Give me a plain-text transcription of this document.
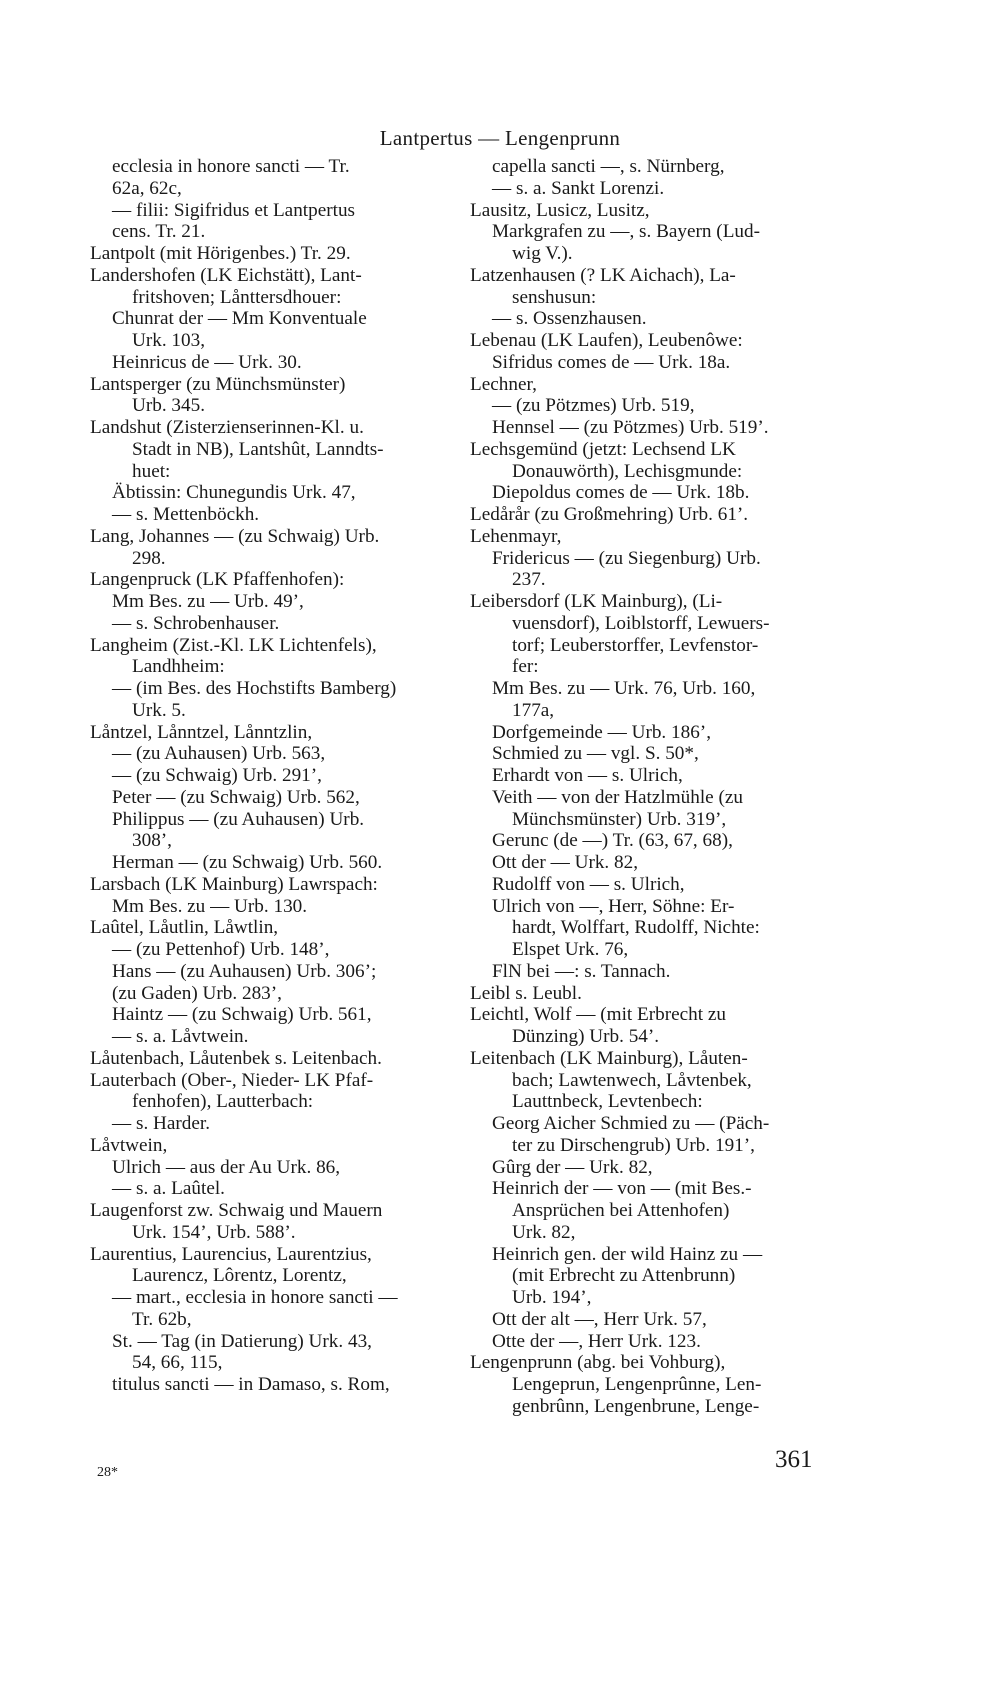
Lantpertus — Lengenprunn
ecclesia in honore sancti — Tr.
62a, 62c,
— filii: Sigifridus et Lantpertus
cens. Tr. 21.
Lantpolt (mit Hörigenbes.) Tr. 29.
Landershofen (LK Eichstätt), Lant-
fritshoven; Lånttersdhouer:
Chunrat der — Mm Konventuale
Urk. 103,
Heinricus de — Urk. 30.
Lantsperger (zu Münchsmünster)
Urb. 345.
Landshut (Zisterzienserinnen-Kl. u.
Stadt in NB), Lantshût, Lanndts-
huet:
Äbtissin: Chunegundis Urk. 47,
— s. Mettenböckh.
Lang, Johannes — (zu Schwaig) Urb.
298.
Langenpruck (LK Pfaffenhofen):
Mm Bes. zu — Urb. 49’,
— s. Schrobenhauser.
Langheim (Zist.-Kl. LK Lichtenfels),
Landhheim:
— (im Bes. des Hochstifts Bamberg)
Urk. 5.
Låntzel, Lånntzel, Lånntzlin,
— (zu Auhausen) Urb. 563,
— (zu Schwaig) Urb. 291’,
Peter — (zu Schwaig) Urb. 562,
Philippus — (zu Auhausen) Urb.
308’,
Herman — (zu Schwaig) Urb. 560.
Larsbach (LK Mainburg) Lawrspach:
Mm Bes. zu — Urb. 130.
Laûtel, Låutlin, Låwtlin,
— (zu Pettenhof) Urb. 148’,
Hans — (zu Auhausen) Urb. 306’;
(zu Gaden) Urb. 283’,
Haintz — (zu Schwaig) Urb. 561,
— s. a. Låvtwein.
Låutenbach, Låutenbek s. Leitenbach.
Lauterbach (Ober-, Nieder- LK Pfaf-
fenhofen), Lautterbach:
— s. Harder.
Låvtwein,
Ulrich — aus der Au Urk. 86,
— s. a. Laûtel.
Laugenforst zw. Schwaig und Mauern
Urk. 154’, Urb. 588’.
Laurentius, Laurencius, Laurentzius,
Laurencz, Lôrentz, Lorentz,
— mart., ecclesia in honore sancti —
Tr. 62b,
St. — Tag (in Datierung) Urk. 43,
54, 66, 115,
titulus sancti — in Damaso, s. Rom,
capella sancti —, s. Nürnberg,
— s. a. Sankt Lorenzi.
Lausitz, Lusicz, Lusitz,
Markgrafen zu —, s. Bayern (Lud-
wig V.).
Latzenhausen (? LK Aichach), La-
senshusun:
— s. Ossenzhausen.
Lebenau (LK Laufen), Leubenôwe:
Sifridus comes de — Urk. 18a.
Lechner,
— (zu Pötzmes) Urb. 519,
Hennsel — (zu Pötzmes) Urb. 519’.
Lechsgemünd (jetzt: Lechsend LK
Donauwörth), Lechisgmunde:
Diepoldus comes de — Urk. 18b.
Ledårår (zu Großmehring) Urb. 61’.
Lehenmayr,
Fridericus — (zu Siegenburg) Urb.
237.
Leibersdorf (LK Mainburg), (Li-
vuensdorf), Loiblstorff, Lewuers-
torf; Leuberstorffer, Levfenstor-
fer:
Mm Bes. zu — Urk. 76, Urb. 160,
177a,
Dorfgemeinde — Urb. 186’,
Schmied zu — vgl. S. 50*,
Erhardt von — s. Ulrich,
Veith — von der Hatzlmühle (zu
Münchsmünster) Urb. 319’,
Gerunc (de —) Tr. (63, 67, 68),
Ott der — Urk. 82,
Rudolff von — s. Ulrich,
Ulrich von —, Herr, Söhne: Er-
hardt, Wolffart, Rudolff, Nichte:
Elspet Urk. 76,
FlN bei —: s. Tannach.
Leibl s. Leubl.
Leichtl, Wolf — (mit Erbrecht zu
Dünzing) Urb. 54’.
Leitenbach (LK Mainburg), Låuten-
bach; Lawtenwech, Låvtenbek,
Lauttnbeck, Levtenbech:
Georg Aicher Schmied zu — (Päch-
ter zu Dirschengrub) Urb. 191’,
Gûrg der — Urk. 82,
Heinrich der — von — (mit Bes.-
Ansprüchen bei Attenhofen)
Urk. 82,
Heinrich gen. der wild Hainz zu —
(mit Erbrecht zu Attenbrunn)
Urb. 194’,
Ott der alt —, Herr Urk. 57,
Otte der —, Herr Urk. 123.
Lengenprunn (abg. bei Vohburg),
Lengeprun, Lengenprûnne, Len-
genbrûnn, Lengenbrune, Lenge-
28*	361
